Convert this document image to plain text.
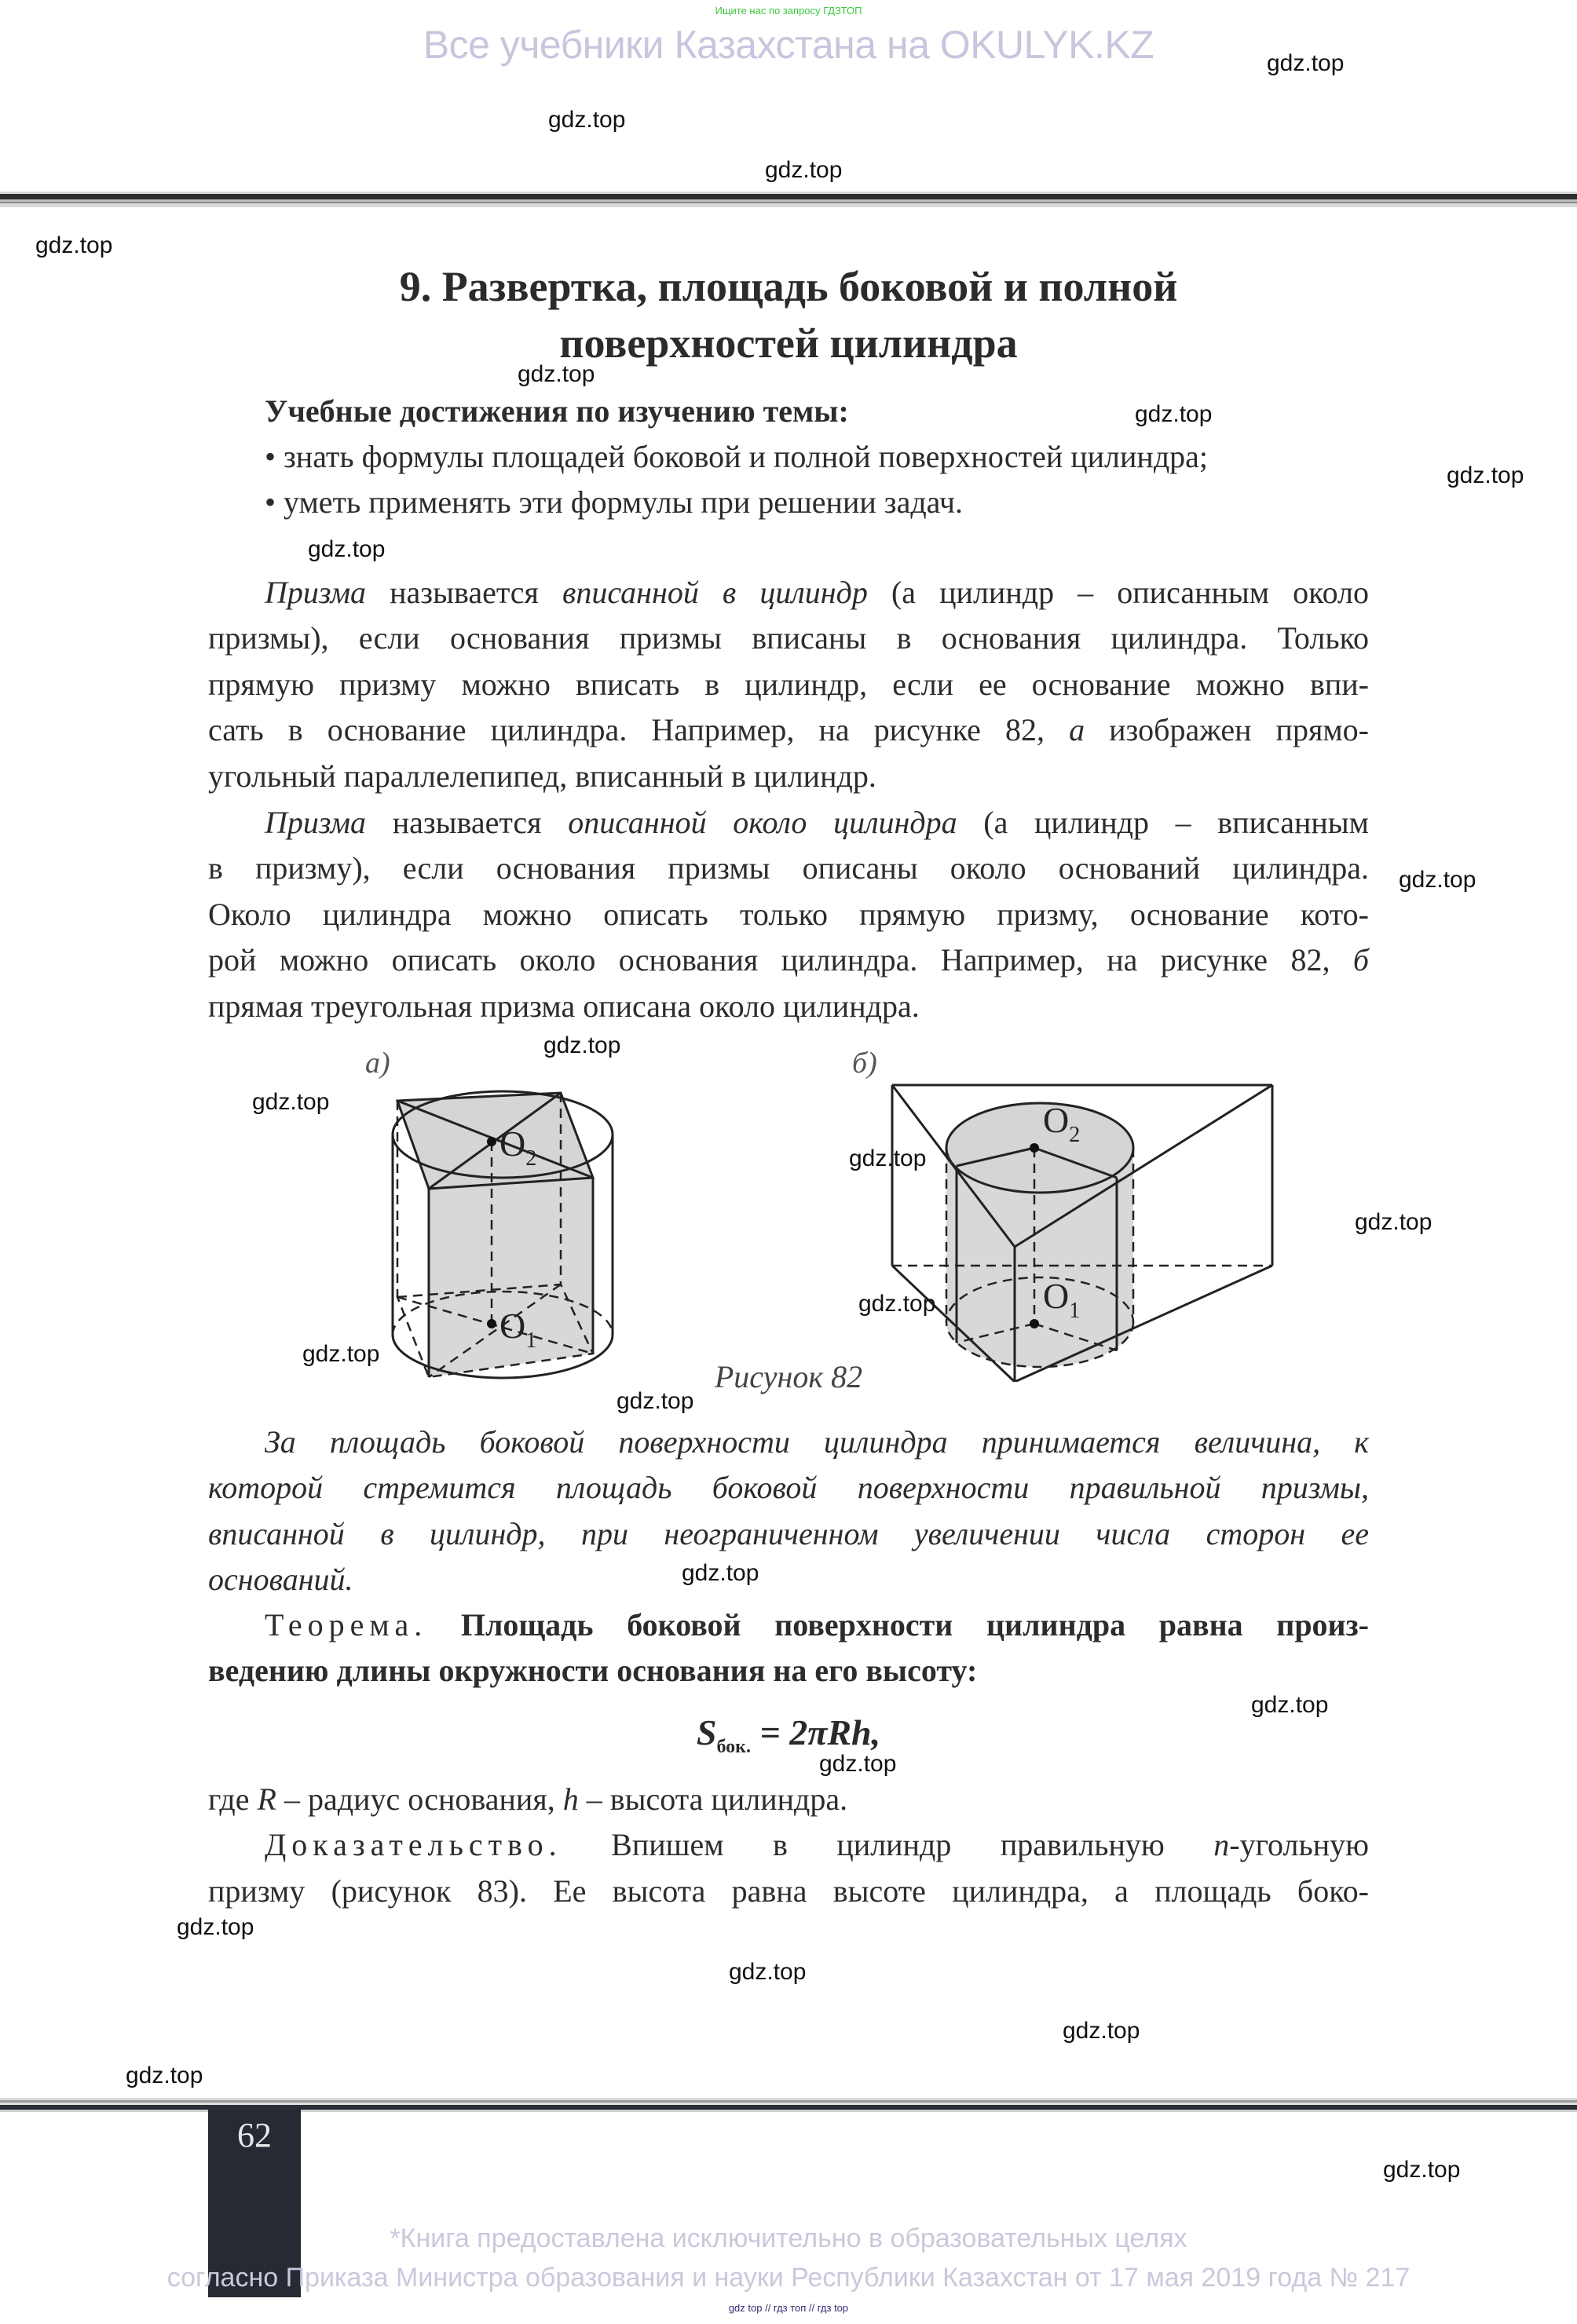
Ищите нас по запросу ГДЗТОП
Все учебники Казахстана на OKULYK.KZ
9. Развертка, площадь боковой и полной
поверхностей цилиндра
Учебные достижения по изучению темы:
• знать формулы площадей боковой и полной поверхностей цилиндра;
• уметь применять эти формулы при решении задач.
Призма называется вписанной в цилиндр (а цилиндр – описанным около
призмы), если основания призмы вписаны в основания цилиндра. Только
прямую призму можно вписать в цилиндр, если ее основание можно впи-
сать в основание цилиндра. Например, на рисунке 82, а изображен прямо-
угольный параллелепипед, вписанный в цилиндр.
Призма называется описанной около цилиндра (а цилиндр – вписанным
в призму), если основания призмы описаны около оснований цилиндра.
Около цилиндра можно описать только прямую призму, основание кото-
рой можно описать около основания цилиндра. Например, на рисунке 82, б
прямая треугольная призма описана около цилиндра.
а)
$O_2$
$O_1$
б)
$O_2$
$O_1$
Рисунок 82
За площадь боковой поверхности цилиндра принимается величина, к
которой стремится площадь боковой поверхности правильной призмы,
вписанной в цилиндр, при неограниченном увеличении числа сторон ее
оснований.
Теорема. Площадь боковой поверхности цилиндра равна произ-
ведению длины окружности основания на его высоту:
$S_{бок.} = 2\pi Rh$,
где R – радиус основания, h – высота цилиндра.
Доказательство. Впишем в цилиндр правильную n-угольную
призму (рисунок 83). Ее высота равна высоте цилиндра, а площадь боко-
62
*Книга предоставлена исключительно в образовательных целях
согласно Приказа Министра образования и науки Республики Казахстан от 17 мая 2019 года № 217
gdz top // гдз топ // гдз top
gdz.top
gdz.top
gdz.top
gdz.top
gdz.top
gdz.top
gdz.top
gdz.top
gdz.top
gdz.top
gdz.top
gdz.top
gdz.top
gdz.top
gdz.top
gdz.top
gdz.top
gdz.top
gdz.top
gdz.top
gdz.top
gdz.top
gdz.top
gdz.top
